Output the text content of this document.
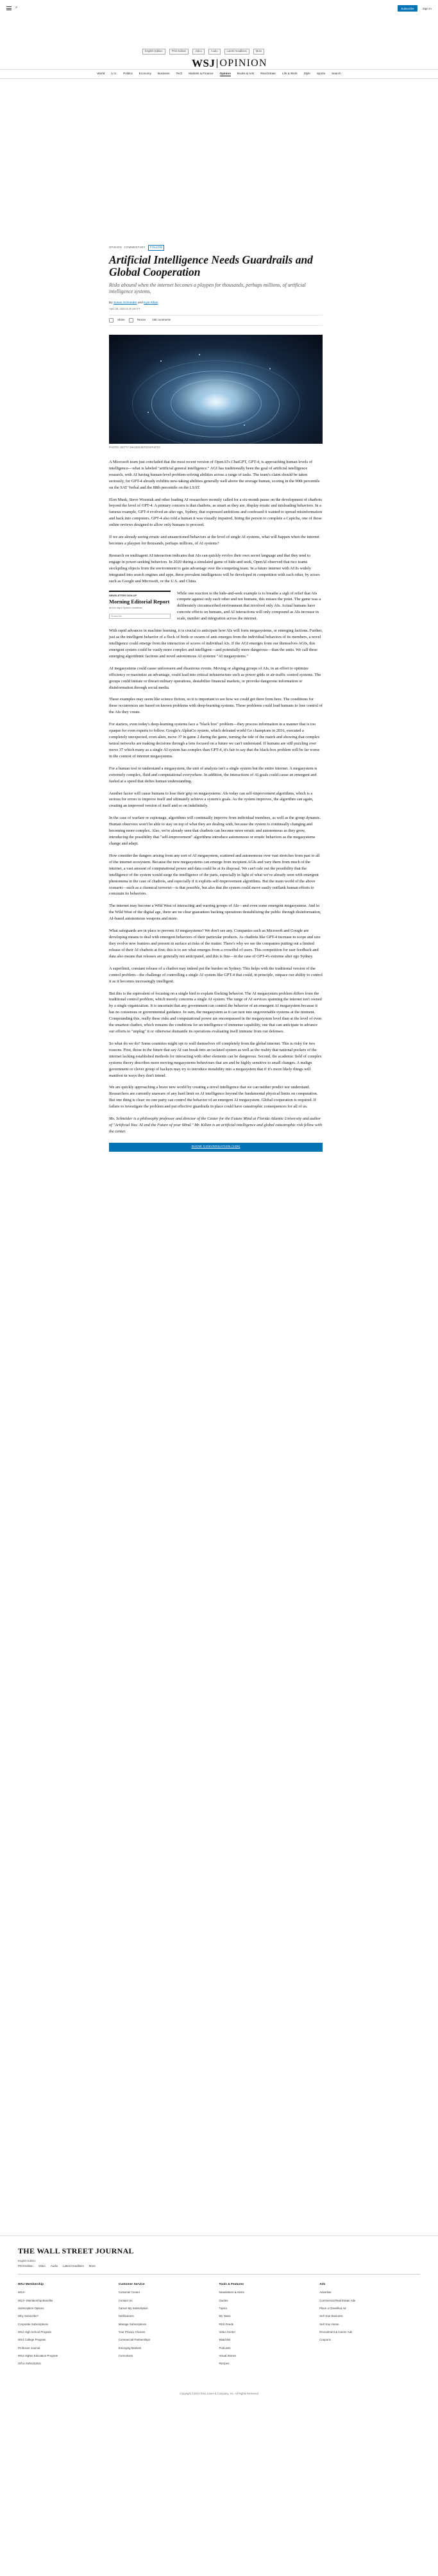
⌕	Subscribe	Sign In
WSJ OPINION
English Edition	Print Edition	Video	Audio	Latest Headlines	More
World U.S. Politics Economy Business Tech Markets & Finance Opinion Books & Arts Real Estate Life & Work Style Sports Search
OPINION COMMENTARY	FOLLOW
Artificial Intelligence Needs Guardrails and Global Cooperation

Risks abound when the internet becomes a playpen for thousands, perhaps millions, of artificial intelligence systems.

By Susan Schneider and Kyle Kilian
April 28, 2023 6:20 pm ET
Share	Resize 169 comments

PHOTO: GETTY IMAGES/ISTOCKPHOTO

A Microsoft team just concluded that the most recent version of OpenAI's ChatGPT, GPT-4, is approaching human levels of intelligence—what is labeled "artificial general intelligence." AGI has traditionally been the goal of artificial intelligence research, with AI having human-level problem-solving abilities across a range of tasks. The team's claim should be taken seriously, for GPT-4 already exhibits new-taking abilities generally well above the average human, scoring in the 90th percentile on the SAT Verbal and the 88th percentile on the LSAT.

Elon Musk, Steve Wozniak and other leading AI researchers recently called for a six-month pause on the development of chatbots beyond the level of GPT-4. A primary concern is that chatbots, as smart as they are, display erratic and misleading behaviors. In a famous example, GPT-4 evolved an alter ego, Sydney, that expressed ambitions and confessed it wanted to spread misinformation and hack into computers. GPT-4 also told a human it was visually impaired, hiring the person to complete a Captcha, one of those online reviews designed to allow only humans to proceed.

If we are already seeing erratic and unsanctioned behaviors at the level of single AI systems, what will happen when the internet becomes a playpen for thousands, perhaps millions, of AI systems?

Research on multiagent AI interaction indicates that AIs can quickly evolve their own secret language and that they tend to engage in power-seeking behaviors. In 2020 during a simulated game of hide-and-seek, OpenAI observed that two teams stockpiling objects from the environment to gain advantage over the competing team. In a future internet with AGIs widely integrated into search engines and apps, these prevalent intelligences will be developed in competition with each other, by actors such as Google and Microsoft, or the U.S. and China.

NEWSLETTER SIGN-UP
Morning Editorial Report
All the day's Opinion headlines.
Subscribe

While one reaction to the hide-and-seek example is to breathe a sigh of relief that AIs compete against only each other and not humans, this misses the point. The game was a deliberately circumscribed environment that involved only AIs. Actual humans have concrete effects on humans, and AI interactions will only compound as AIs increase in scale, number and integration across the internet.

With rapid advances in machine learning, it is crucial to anticipate how AIs will form megasystems, or emerging factions. Further, just as the intelligent behavior of a flock of birds or swarm of ants emerges from the individual behaviors of its members, a novel intelligence could emerge from the interaction of scores of individual AIs. If the AGI emerges from our themselves AGIs, this emergent system could be vastly more complex and intelligent—and potentially more dangerous—than the units. We call these emerging algorithmic factions and novel autonomous AI systems "AI megasystems."

AI megasystems could cause unforeseen and disastrous events. Moving or aligning groups of AIs, in an effort to optimize efficiency or maximize an advantage, could lead into critical infrastructure such as power grids or air-traffic control systems. The groups could initiate or thwart military operations, destabilize financial markets, or provoke dangerous information or disinformation through social media.

These examples may seem like science fiction, so it is important to see how we could get there from here. The conditions for these occurrences are based on known problems with deep-learning systems. These problems could lead humans to lose control of the AIs they create.

For starters, even today's deep-learning systems face a "black box" problem—they process information in a manner that is too opaque for even experts to follow. Google's AlphaGo system, which defeated world Go champions in 2016, executed a completely unexpected, even alien, move 37 in game 2 during the game, turning the tide of the match and showing that complex neural networks are making decisions through a lens focused on a future we can't understand. If humans are still puzzling over move 37 which many as a single AI system has complex than GPT-4, it's fair to say that the black-box problem will be far worse in the context of internet megasystems.

For a human tool to understand a megasystem, the unit of analysis isn't a single system but the entire internet. A megasystem is extremely complex, fluid and computational everywhere. In addition, the interactions of AI goals could cause an emergent and fueled at a speed that defies human understanding.

Another factor will cause humans to lose their grip on megasystems: AIs today can self-improvement algorithms, which is a serious for errors to improve itself and ultimately achieve a system's goals. As the system improves, the algorithm can again, creating an improved version of itself and so on indefinitely.

In the case of warfare or espionage, algorithms will continually improve from individual members, as well as the group dynamic. Human observers won't be able to stay on top of what they are dealing with, because the system is continually changing and becoming more complex. Also, we're already seen that chatbots can become more erratic and autonomous as they grow, introducing the possibility that "self-improvement" algorithms introduce autonomous or erratic behaviors as the megasystems change and adapt.

How consider the dangers arising from any sort of AI megasystem, scattered and autonomous over vast stretches from past to all of the internet ecosystem. Because the new megasystems can emerge from incipient AGIs and vary them from much of the internet, a vast amount of computational power and data could be at its disposal. We can't rule out the possibility that the intelligence of the system would surge the intelligence of the parts, especially in light of what we've already seen with emergent phenomena in the case of chatbots, and especially if it exploits self-improvement algorithms. But the main world of the above scenario—such as a chemical terrorist—is that possible, but also that the system could move easily outflank human efforts to constrain its behaviors.

The internet may become a Wild West of interacting and warring groups of AIs—and even some emergent megasystems. And in the Wild West of the digital age, there are no clear guarantees backing operations destabilizing the public through disinformation, AI-based autonomous weapons and more.

What safeguards are in place to prevent AI megasystems? We don't see any. Companies such as Microsoft and Google are developing means to deal with emergent behaviors of their particular products. As chatbots like GPT-4 increase in scope and size they evolve new features and present in surface at risks of the matter. There's why we see the companies putting out a limited release of their AI chatbots at first; this is to see what emerges from a crowdful of users. This competition for user feedback and data also means that releases are generally not anticipated, and this is fine—in the case of GPT-4's extreme alter ego Sydney.

A superlimit, constant release of a chatbot may indeed put the burden on Sydney. This helps with the traditional version of the control problem—the challenge of controlling a single AI system like GPT-4 that could, in principle, outpace our ability to control it as it becomes increasingly intelligent.

But this is the equivalent of focusing on a single bird to explain flocking behavior. The AI megasystem problem differs from the traditional control problem, which merely concerns a single AI system. The range of AI services spanning the internet isn't owned by a single organization. It is uncertain that any government can control the behavior of an emergent AI megasystem because it has no consensus or governmental guidance. In sum, the megasystem as it can turn into ungovernable systems at the moment. Compounding this, really these risks and computational power are encompassed in the megasystem level than at the level of even the smartest chatbot, which remains the conditions for an intelligence of immense capability, one that can anticipate in advance our efforts to "unplug" it or otherwise dismantle its operations evaluating itself immune from our defenses.

So what do we do? Some countries might opt to wall themselves off completely from the global internet. This is risky for two reasons. First, those in the future that say AI can break into an isolated system as well as the reality that national pockets of the internet lacking established methods for interacting with other elements can be dangerous. Second, the academic field of complex systems theory describes more moving megasystems behaviours that are and be highly sensitive to small changes. A malign government or clever group of hackers may try to introduce instability into a megasystem that if it's more likely things will manifest in ways they don't intend.

We are quickly approaching a brave new world by creating a novel intelligence that we can neither predict nor understand. Researchers are currently unaware of any hard limit on AI intelligence beyond the fundamental physical limits on computation. But one thing is clear: no one party can control the behavior of an emergent AI megasystem. Global cooperation is required. If failure to investigate the problem and put effective guardrails in place could have catastrophic consequences for all of us.

Ms. Schneider is a philosophy professor and director of the Center for the Future Mind at Florida Atlantic University and author of "Artificial You: AI and the Future of your Mind." Mr. Kilian is an artificial intelligence and global catastrophic risk fellow with the center.

SHOW CONVERSATION (169)
THE WALL STREET JOURNAL
English Edition
Print Edition Video Audio Latest Headlines More
WSJ Membership
WSJ+
WSJ+ Membership Benefits
Subscription Options
Why Subscribe?
Corporate Subscriptions
WSJ High School Program
WSJ College Program
Professor Journal
WSJ Higher Education Program
Gift a Subscription
Customer Service
Customer Center
Contact Us
Cancel My Subscription
Notifications
Manage Subscriptions
Your Privacy Choices
Commercial Partnerships
Emerging Markets
Corrections
Tools & Features
Newsletters & Alerts
Guides
Topics
My News
RSS Feeds
Video Center
Watchlist
Podcasts
Visual Stories
Recipes
Ads
Advertise
Commercial Real Estate Ads
Place a Classified Ad
Sell Your Business
Sell Your Home
Recruitment & Career Ads
Coupons
Copyright ©2023 Dow Jones & Company, Inc. All Rights Reserved
